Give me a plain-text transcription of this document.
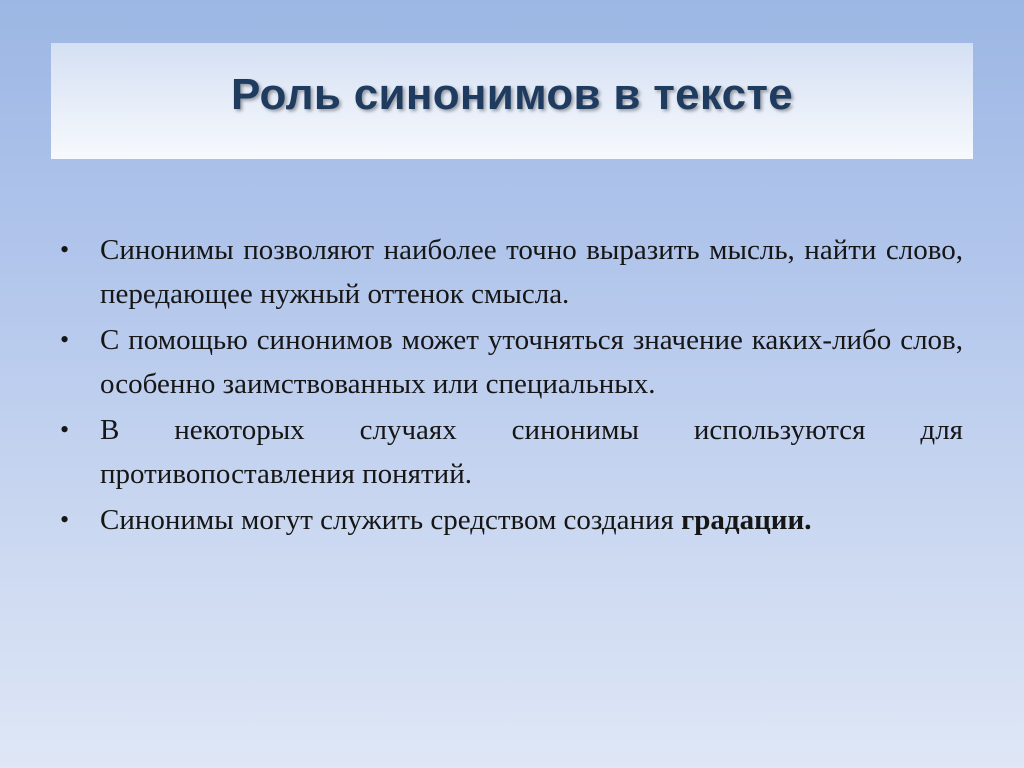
Роль синонимов в тексте
• Синонимы позволяют наиболее точно выразить мысль, найти слово, передающее нужный оттенок смысла.
• С помощью синонимов может уточняться значение каких-либо слов, особенно заимствованных или специальных.
• В некоторых случаях синонимы используются для противопоставления понятий.
• Синонимы могут служить средством создания градации.
